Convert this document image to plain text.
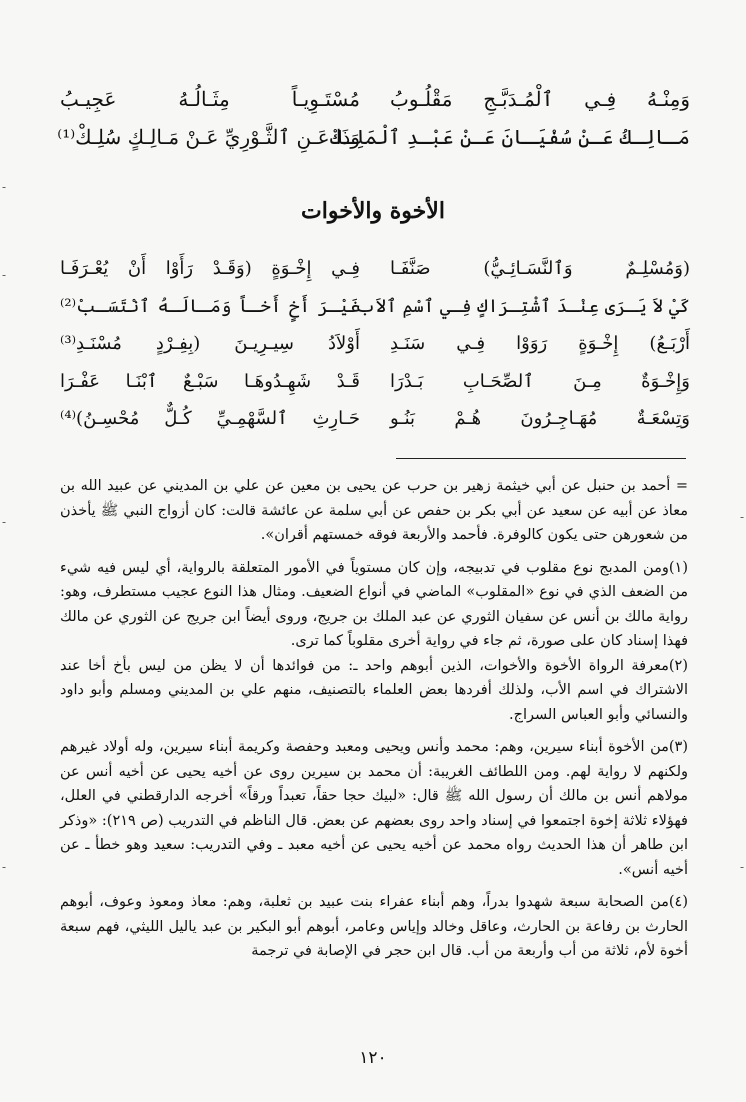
وَمِنْـهُ فِـي ٱلْمُـدَبَّـجِ مَقْلُـوبُ
مُسْتَـوِيـاً مِثَـالُـهُ عَجِيـبُ
مَـالِـكُ عَـنْ سُفْيَـانَ عَـنْ عَبْـدِ ٱلْمَلِـكْ
وَذَا عَـنِ ٱلثَّـوْرِيِّ عَـنْ مَـالِـكٍ سُلِـكْ⁽¹⁾
الأخوة والأخوات
(وَمُسْلِـمٌ وَٱلنَّسَـائِـيُّ) صَنَّفَـا
فِـي إِخْـوَةٍ (وَقَـدْ رَأَوْا أَنْ يُعْـرَفَـا
كَيْ لاَ يَـرَى عِنْـدَ ٱشْتِـرَاكٍ فِـي ٱسْمِ ٱلاَب
غَيْـرَ أَخٍ أَخـاً وَمَـالَـهُ ٱنْتَسَـبْ⁽²⁾
أَرْبَـعُ) إِخْـوَةٍ رَوَوْا فِـي سَنَـدِ
أَوْلاَدُ سِيـرِيـنَ (بِفِـرْدٍ مُسْنَـدِ⁽³⁾
وَإِخْـوَةٌ مِـنَ ٱلصِّحَـابِ بَـدْرَا
قَـدْ شَهِـدُوهَـا سَبْـعٌ ٱبْنَـا عَفْـرَا
وَتِسْعَـةٌ مُهَـاجِـرُونَ هُـمْ بَنُـو
حَـارِثِ ٱلسَّهْمِـيِّ كُـلٌّ مُحْسِـنُ)⁽⁴⁾

= أحمد بن حنبل عن أبي خيثمة زهير بن حرب عن يحيى بن معين عن علي بن المديني عن عبيد الله بن معاذ عن أبيه عن سعيد عن أبي بكر بن حفص عن أبي سلمة عن عائشة قالت: كان أزواج النبي ﷺ يأخذن من شعورهن حتى يكون كالوفرة. فأحمد والأربعة فوقه خمستهم أقران».

(١)ومن المدبج نوع مقلوب في تدبيجه، وإن كان مستوياً في الأمور المتعلقة بالرواية، أي ليس فيه شيء من الضعف الذي في نوع «المقلوب» الماضي في أنواع الضعيف. ومثال هذا النوع عجيب مستطرف، وهو: رواية مالك بن أنس عن سفيان الثوري عن عبد الملك بن جريج، وروى أيضاً ابن جريج عن الثوري عن مالك فهذا إسناد كان على صورة، ثم جاء في رواية أخرى مقلوباً كما ترى.
(٢)معرفة الرواة الأخوة والأخوات، الذين أبوهم واحد ـ: من فوائدها أن لا يظن من ليس بأخ أخا عند الاشتراك في اسم الأب، ولذلك أفردها بعض العلماء بالتصنيف، منهم علي بن المديني ومسلم وأبو داود والنسائي وأبو العباس السراج.

(٣)من الأخوة أبناء سيرين، وهم: محمد وأنس ويحيى ومعبد وحفصة وكريمة أبناء سيرين، وله أولاد غيرهم ولكنهم لا رواية لهم. ومن اللطائف الغريبة: أن محمد بن سيرين روى عن أخيه يحيى عن أخيه أنس عن مولاهم أنس بن مالك أن رسول الله ﷺ قال: «لبيك حجا حقاً، تعبداً ورقاً» أخرجه الدارقطني في العلل، فهؤلاء ثلاثة إخوة اجتمعوا في إسناد واحد روى بعضهم عن بعض. قال الناظم في التدريب (ص ٢١٩): «وذكر ابن طاهر أن هذا الحديث رواه محمد عن أخيه يحيى عن أخيه معبد ـ وفي التدريب: سعيد وهو خطأ ـ عن أخيه أنس».

(٤)من الصحابة سبعة شهدوا بدراً، وهم أبناء عفراء بنت عبيد بن ثعلبة، وهم: معاذ ومعوذ وعوف، أبوهم الحارث بن رفاعة بن الحارث، وعاقل وخالد وإياس وعامر، أبوهم أبو البكير بن عبد ياليل الليثي، فهم سبعة أخوة لأم، ثلاثة من أب وأربعة من أب. قال ابن حجر في الإصابة في ترجمة

١٢٠
-
-
-
-
-
-
